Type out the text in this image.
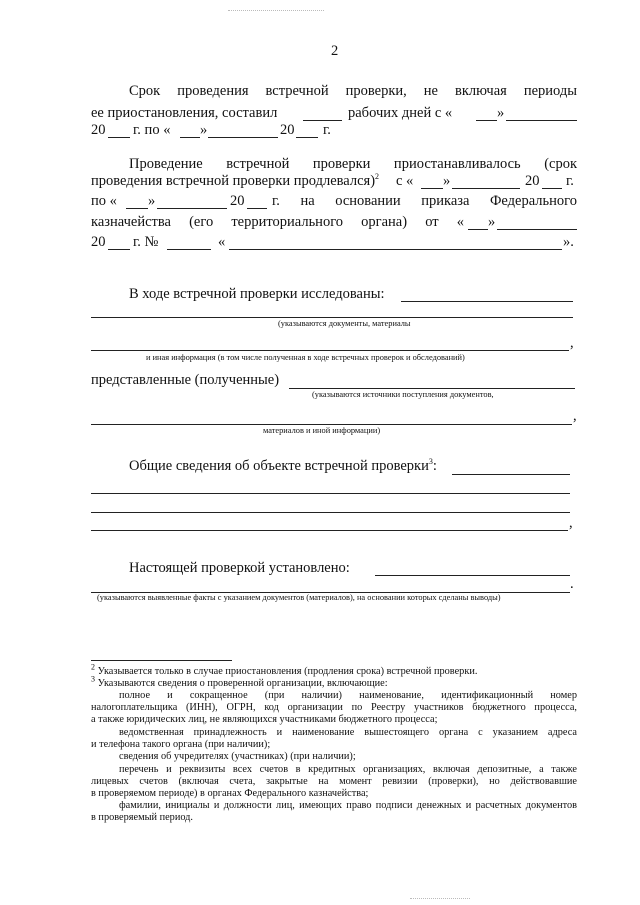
2
Срок проведения встречной проверки, не включая периоды
ее приостановления, составил	рабочих дней с «	»
20 г. по « »	20 г.
Проведение встречной проверки приостанавливалось (срок
проведения встречной проверки продлевался)$^2$ с « »	20 г.
по « »	20 г. на основании приказа Федерального
казначейства (его территориального органа) от « »
20 г. №	«	».
В ходе встречной проверки исследованы:
(указываются документы, материалы
,
и иная информация (в том числе полученная в ходе встречных проверок и обследований)
представленные (полученные)
(указываются источники поступления документов,
,
материалов и иной информации)
Общие сведения об объекте встречной проверки$^3$:
,
Настоящей проверкой установлено:
.
(указываются выявленные факты с указанием документов (материалов), на основании которых сделаны выводы)
$^2$ Указывается только в случае приостановления (продления срока) встречной проверки.
$^3$ Указываются сведения о проверенной организации, включающие:
полное и сокращенное (при наличии) наименование, идентификационный номер
налогоплательщика (ИНН), ОГРН, код организации по Реестру участников бюджетного процесса,
а также юридических лиц, не являющихся участниками бюджетного процесса;
ведомственная принадлежность и наименование вышестоящего органа с указанием адреса
и телефона такого органа (при наличии);
сведения об учредителях (участниках) (при наличии);
перечень и реквизиты всех счетов в кредитных организациях, включая депозитные, а также
лицевых счетов (включая счета, закрытые на момент ревизии (проверки), но действовавшие
в проверяемом периоде) в органах Федерального казначейства;
фамилии, инициалы и должности лиц, имеющих право подписи денежных и расчетных документов
в проверяемый период.
